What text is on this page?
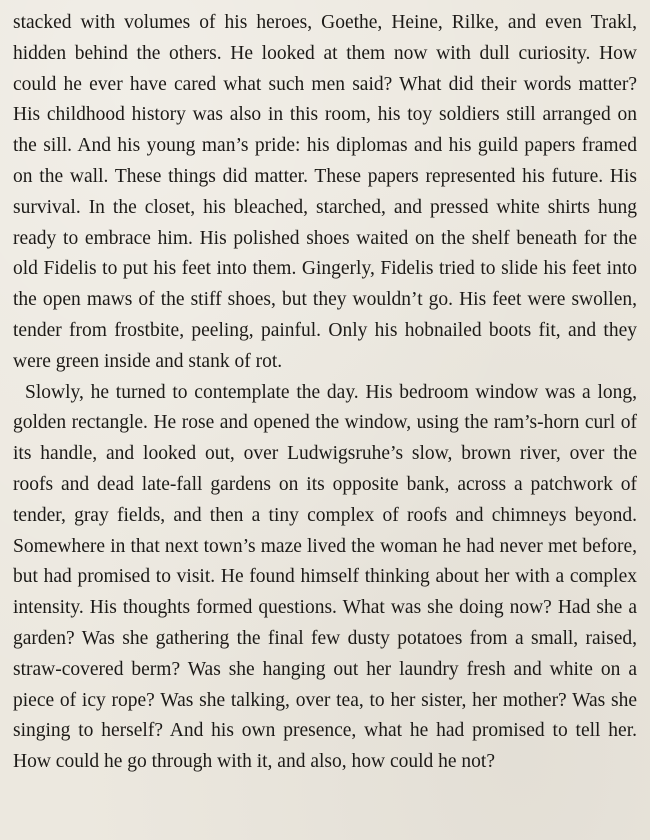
stacked with volumes of his heroes, Goethe, Heine, Rilke, and even Trakl, hidden behind the others. He looked at them now with dull curiosity. How could he ever have cared what such men said? What did their words matter? His childhood history was also in this room, his toy soldiers still arranged on the sill. And his young man’s pride: his diplomas and his guild papers framed on the wall. These things did matter. These papers represented his future. His survival. In the closet, his bleached, starched, and pressed white shirts hung ready to embrace him. His polished shoes waited on the shelf beneath for the old Fidelis to put his feet into them. Gingerly, Fidelis tried to slide his feet into the open maws of the stiff shoes, but they wouldn’t go. His feet were swollen, tender from frostbite, peeling, painful. Only his hobnailed boots fit, and they were green inside and stank of rot.

Slowly, he turned to contemplate the day. His bedroom window was a long, golden rectangle. He rose and opened the window, using the ram’s-horn curl of its handle, and looked out, over Ludwigsruhe’s slow, brown river, over the roofs and dead late-fall gardens on its opposite bank, across a patchwork of tender, gray fields, and then a tiny complex of roofs and chimneys beyond. Somewhere in that next town’s maze lived the woman he had never met before, but had promised to visit. He found himself thinking about her with a complex intensity. His thoughts formed questions. What was she doing now? Had she a garden? Was she gathering the final few dusty potatoes from a small, raised, straw-covered berm? Was she hanging out her laundry fresh and white on a piece of icy rope? Was she talking, over tea, to her sister, her mother? Was she singing to herself? And his own presence, what he had promised to tell her. How could he go through with it, and also, how could he not?
